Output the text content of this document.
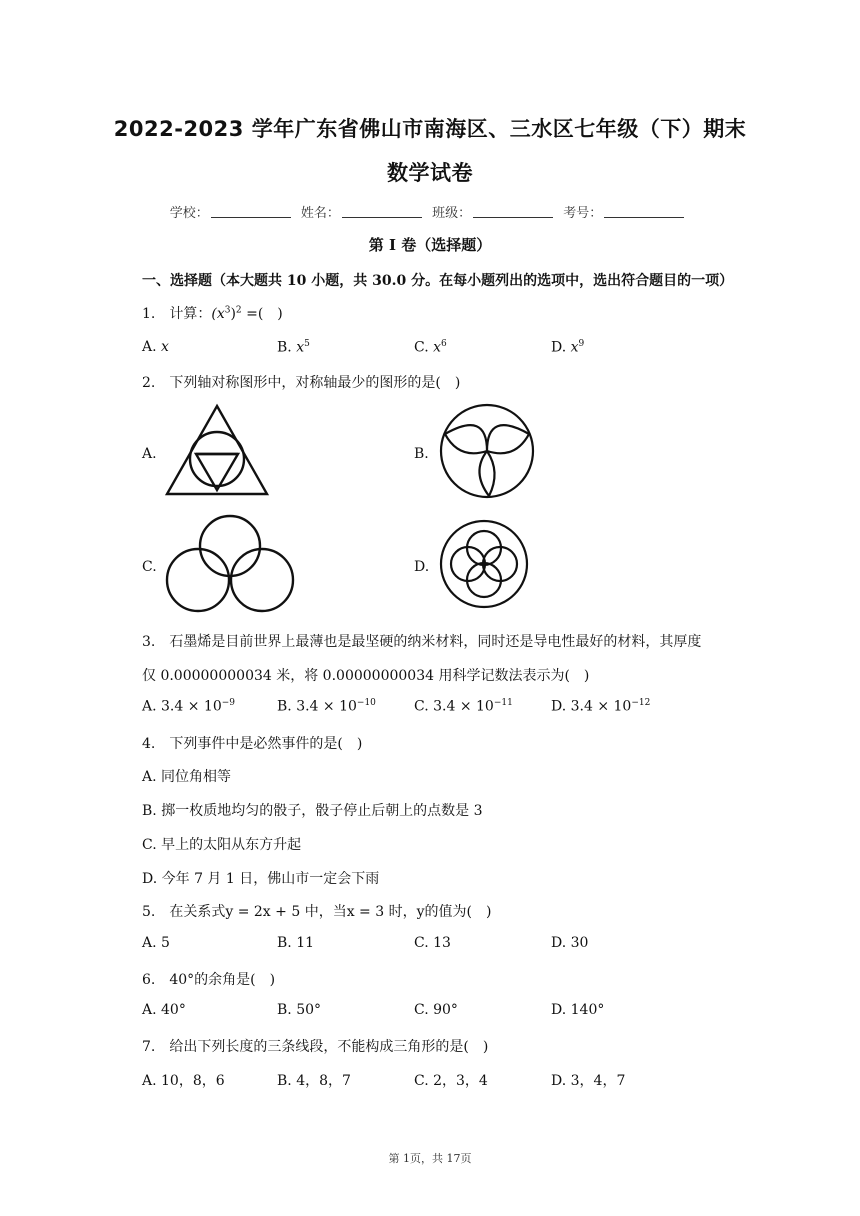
2022-2023 学年广东省佛山市南海区、三水区七年级（下）期末
数学试卷
学校：	姓名：	班级：	考号：
第 I 卷（选择题）
一、选择题（本大题共 10 小题，共 30.0 分。在每小题列出的选项中，选出符合题目的一项）
1.　计算：$(x^3)^2$ =(　)
A. x	B. $x^5$	C. $x^6$	D. $x^9$
2.　下列轴对称图形中，对称轴最少的图形的是(　)
A.	B.
C.	D.
3.　石墨烯是目前世界上最薄也是最坚硬的纳米材料，同时还是导电性最好的材料，其厚度
仅 0.00000000034 米，将 0.00000000034 用科学记数法表示为(　)
A. $3.4 \times 10^{-9}$	B. $3.4 \times 10^{-10}$	C. $3.4 \times 10^{-11}$	D. $3.4 \times 10^{-12}$
4.　下列事件中是必然事件的是(　)
A. 同位角相等
B. 掷一枚质地均匀的骰子，骰子停止后朝上的点数是 3
C. 早上的太阳从东方升起
D. 今年 7 月 1 日，佛山市一定会下雨
5.　在关系式y = 2x + 5 中，当x = 3 时，y的值为(　)
A. 5	B. 11	C. 13	D. 30
6.　40°的余角是(　)
A. 40°	B. 50°	C. 90°	D. 140°
7.　给出下列长度的三条线段，不能构成三角形的是(　)
A. 10，8，6	B. 4，8，7	C. 2，3，4	D. 3，4，7
第 1页，共 17页
